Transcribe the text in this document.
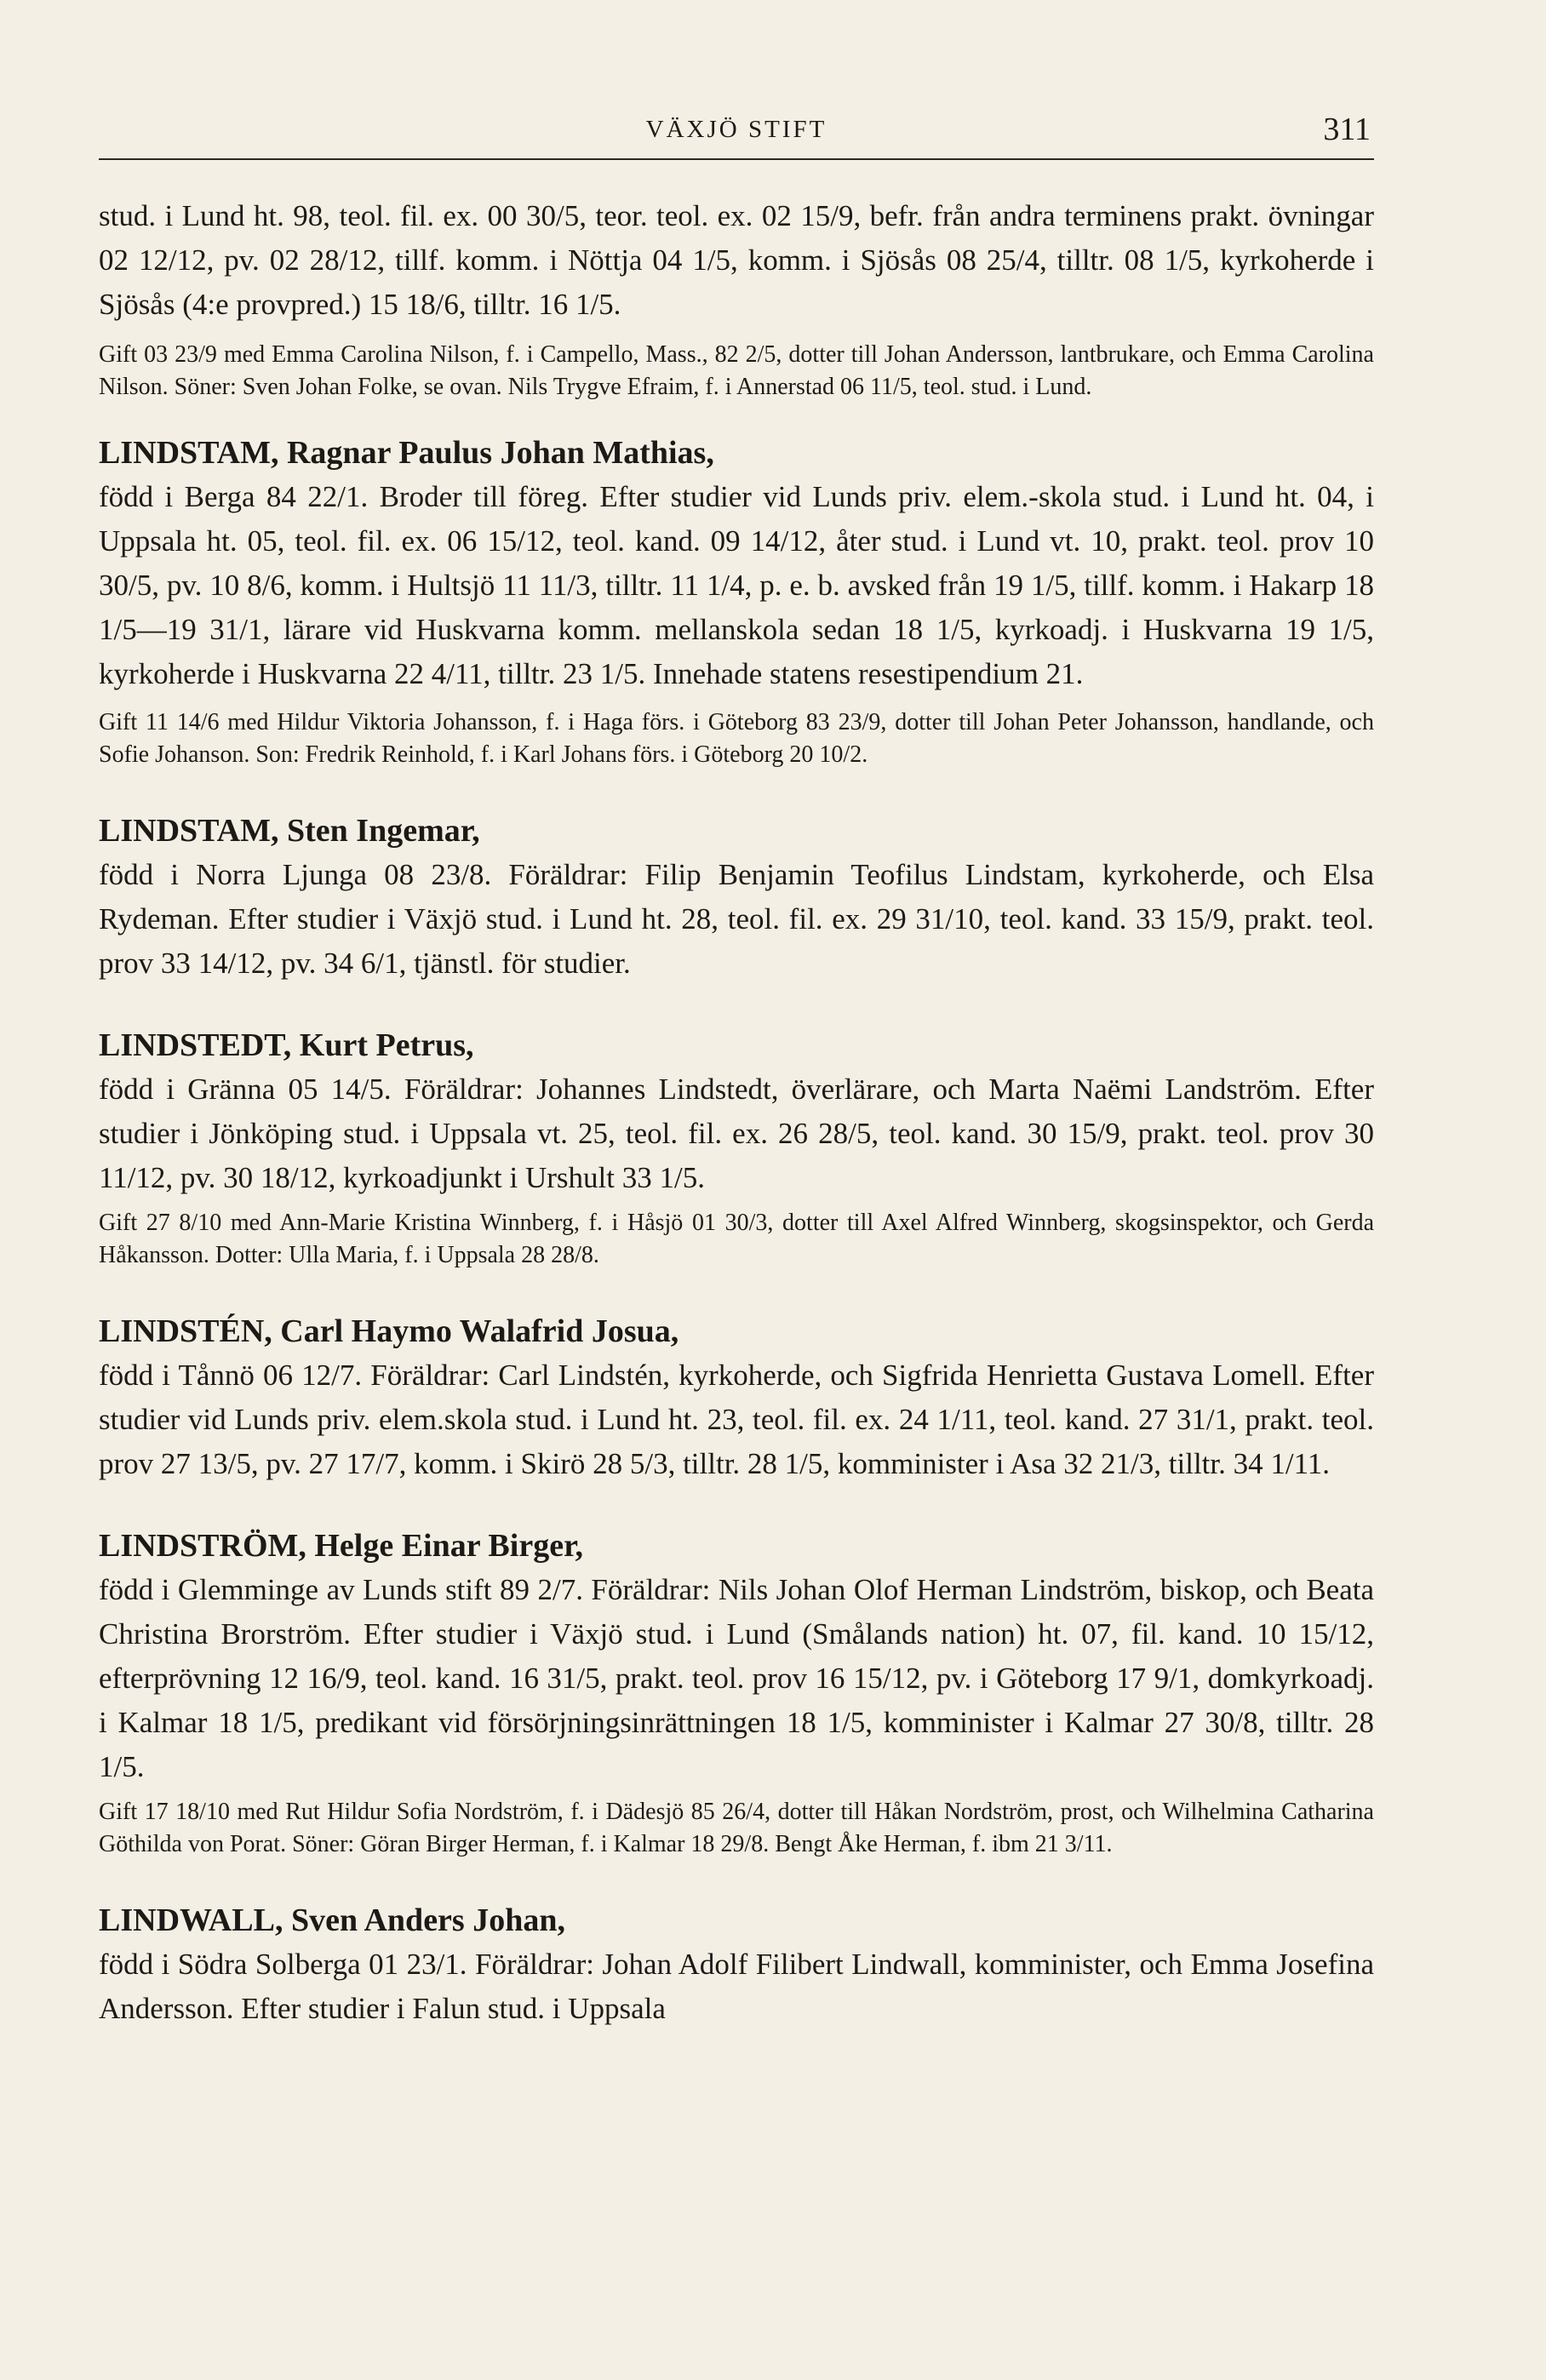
VÄXJÖ STIFT	311

stud. i Lund ht. 98, teol. fil. ex. 00 30/5, teor. teol. ex. 02 15/9, befr. från andra terminens prakt. övningar 02 12/12, pv. 02 28/12, tillf. komm. i Nöttja 04 1/5, komm. i Sjösås 08 25/4, tilltr. 08 1/5, kyrkoherde i Sjösås (4:e provpred.) 15 18/6, tilltr. 16 1/5.

Gift 03 23/9 med Emma Carolina Nilson, f. i Campello, Mass., 82 2/5, dotter till Johan Andersson, lantbrukare, och Emma Carolina Nilson. Söner: Sven Johan Folke, se ovan. Nils Trygve Efraim, f. i Annerstad 06 11/5, teol. stud. i Lund.

LINDSTAM, Ragnar Paulus Johan Mathias,

född i Berga 84 22/1. Broder till föreg. Efter studier vid Lunds priv. elem.-skola stud. i Lund ht. 04, i Uppsala ht. 05, teol. fil. ex. 06 15/12, teol. kand. 09 14/12, åter stud. i Lund vt. 10, prakt. teol. prov 10 30/5, pv. 10 8/6, komm. i Hultsjö 11 11/3, tilltr. 11 1/4, p. e. b. avsked från 19 1/5, tillf. komm. i Hakarp 18 1/5—19 31/1, lärare vid Huskvarna komm. mellanskola sedan 18 1/5, kyrkoadj. i Huskvarna 19 1/5, kyrkoherde i Huskvarna 22 4/11, tilltr. 23 1/5. Innehade statens resestipendium 21.

Gift 11 14/6 med Hildur Viktoria Johansson, f. i Haga förs. i Göteborg 83 23/9, dotter till Johan Peter Johansson, handlande, och Sofie Johanson. Son: Fredrik Reinhold, f. i Karl Johans förs. i Göteborg 20 10/2.

LINDSTAM, Sten Ingemar,

född i Norra Ljunga 08 23/8. Föräldrar: Filip Benjamin Teofilus Lindstam, kyrkoherde, och Elsa Rydeman. Efter studier i Växjö stud. i Lund ht. 28, teol. fil. ex. 29 31/10, teol. kand. 33 15/9, prakt. teol. prov 33 14/12, pv. 34 6/1, tjänstl. för studier.

LINDSTEDT, Kurt Petrus,

född i Gränna 05 14/5. Föräldrar: Johannes Lindstedt, överlärare, och Marta Naëmi Landström. Efter studier i Jönköping stud. i Uppsala vt. 25, teol. fil. ex. 26 28/5, teol. kand. 30 15/9, prakt. teol. prov 30 11/12, pv. 30 18/12, kyrkoadjunkt i Urshult 33 1/5.

Gift 27 8/10 med Ann-Marie Kristina Winnberg, f. i Håsjö 01 30/3, dotter till Axel Alfred Winnberg, skogsinspektor, och Gerda Håkansson. Dotter: Ulla Maria, f. i Uppsala 28 28/8.

LINDSTÉN, Carl Haymo Walafrid Josua,

född i Tånnö 06 12/7. Föräldrar: Carl Lindstén, kyrkoherde, och Sigfrida Henrietta Gustava Lomell. Efter studier vid Lunds priv. elem.skola stud. i Lund ht. 23, teol. fil. ex. 24 1/11, teol. kand. 27 31/1, prakt. teol. prov 27 13/5, pv. 27 17/7, komm. i Skirö 28 5/3, tilltr. 28 1/5, komminister i Asa 32 21/3, tilltr. 34 1/11.

LINDSTRÖM, Helge Einar Birger,

född i Glemminge av Lunds stift 89 2/7. Föräldrar: Nils Johan Olof Herman Lindström, biskop, och Beata Christina Brorström. Efter studier i Växjö stud. i Lund (Smålands nation) ht. 07, fil. kand. 10 15/12, efterprövning 12 16/9, teol. kand. 16 31/5, prakt. teol. prov 16 15/12, pv. i Göteborg 17 9/1, domkyrkoadj. i Kalmar 18 1/5, predikant vid försörjningsinrättningen 18 1/5, komminister i Kalmar 27 30/8, tilltr. 28 1/5.

Gift 17 18/10 med Rut Hildur Sofia Nordström, f. i Dädesjö 85 26/4, dotter till Håkan Nordström, prost, och Wilhelmina Catharina Göthilda von Porat. Söner: Göran Birger Herman, f. i Kalmar 18 29/8. Bengt Åke Herman, f. ibm 21 3/11.

LINDWALL, Sven Anders Johan,

född i Södra Solberga 01 23/1. Föräldrar: Johan Adolf Filibert Lindwall, komminister, och Emma Josefina Andersson. Efter studier i Falun stud. i Uppsala
